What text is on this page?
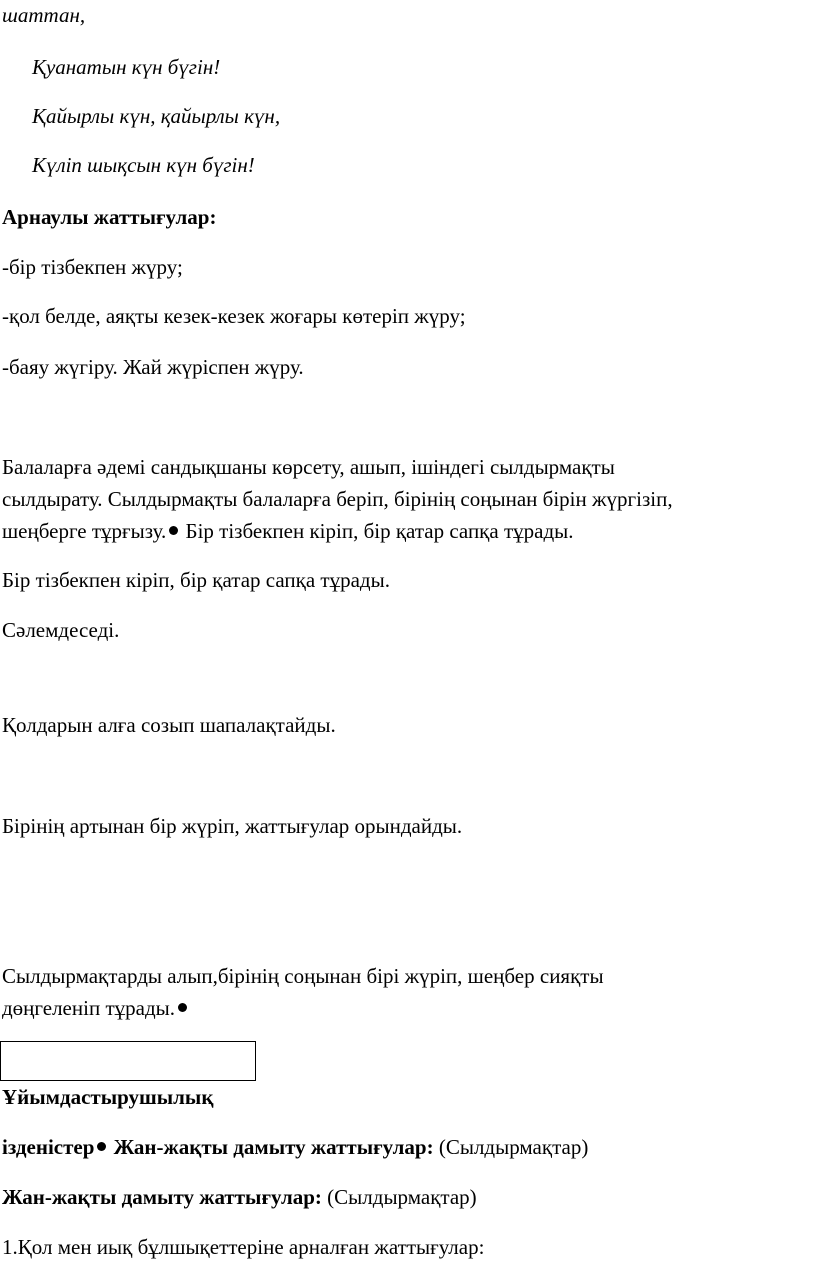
шаттан,
Қуанатын күн бүгін!
Қайырлы күн, қайырлы күн,
Күліп шықсын күн бүгін!
Арнаулы жаттығулар:
-бір тізбекпен жүру;
-қол белде, аяқты кезек-кезек жоғары көтеріп жүру;
-баяу жүгіру. Жай жүріспен жүру.
Балаларға әдемі сандықшаны көрсету, ашып, ішіндегі сылдырмақты
сылдырату. Сылдырмақты балаларға беріп, бірінің соңынан бірін жүргізіп,
шеңберге тұрғызу. Бір тізбекпен кіріп, бір қатар сапқа тұрады.
Бір тізбекпен кіріп, бір қатар сапқа тұрады.
Сәлемдеседі.
Қолдарын алға созып шапалақтайды.
Бірінің артынан бір жүріп, жаттығулар орындайды.
Сылдырмақтарды алып,бірінің соңынан бірі жүріп, шеңбер сияқты
дөңгеленіп тұрады.
Ұйымдастырушылық
ізденістер Жан-жақты дамыту жаттығулар: (Сылдырмақтар)
Жан-жақты дамыту жаттығулар: (Сылдырмақтар)
1.Қол мен иық бұлшықеттеріне арналған жаттығулар:
